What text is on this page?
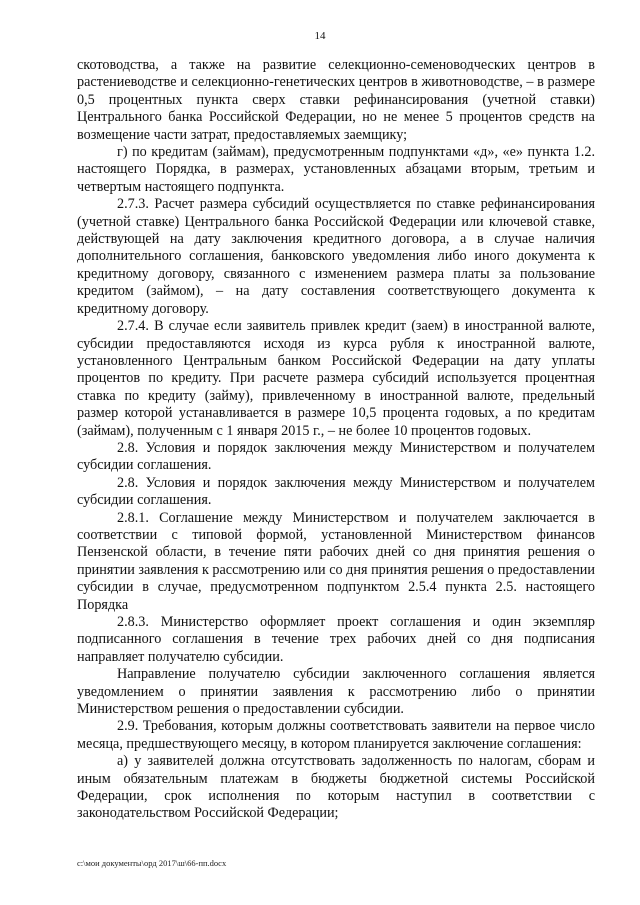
14

скотоводства, а также на развитие селекционно-семеноводческих центров в растениеводстве и селекционно-генетических центров в животноводстве, – в размере 0,5 процентных пункта сверх ставки рефинансирования (учетной ставки) Центрального банка Российской Федерации, но не менее 5 процентов средств на возмещение части затрат, предоставляемых заемщику;

г) по кредитам (займам), предусмотренным подпунктами «д», «е» пункта 1.2. настоящего Порядка, в размерах, установленных абзацами вторым, третьим и четвертым настоящего подпункта.

2.7.3. Расчет размера субсидий осуществляется по ставке рефинансирования (учетной ставке) Центрального банка Российской Федерации или ключевой ставке, действующей на дату заключения кредитного договора, а в случае наличия дополнительного соглашения, банковского уведомления либо иного документа к кредитному договору, связанного с изменением размера платы за пользование кредитом (займом), – на дату составления соответствующего документа к кредитному договору.

2.7.4. В случае если заявитель привлек кредит (заем) в иностранной валюте, субсидии предоставляются исходя из курса рубля к иностранной валюте, установленного Центральным банком Российской Федерации на дату уплаты процентов по кредиту. При расчете размера субсидий используется процентная ставка по кредиту (займу), привлеченному в иностранной валюте, предельный размер которой устанавливается в размере 10,5 процента годовых, а по кредитам (займам), полученным с 1 января 2015 г., – не более 10 процентов годовых.

2.8. Условия и порядок заключения между Министерством и получателем субсидии соглашения.

2.8. Условия и порядок заключения между Министерством и получателем субсидии соглашения.

2.8.1. Соглашение между Министерством и получателем заключается в соответствии с типовой формой, установленной Министерством финансов Пензенской области, в течение пяти рабочих дней со дня принятия решения о принятии заявления к рассмотрению или со дня принятия решения о предоставлении субсидии в случае, предусмотренном подпунктом 2.5.4 пункта 2.5. настоящего Порядка

2.8.3. Министерство оформляет проект соглашения и один экземпляр подписанного соглашения в течение трех рабочих дней со дня подписания направляет получателю субсидии.

Направление получателю субсидии заключенного соглашения является уведомлением о принятии заявления к рассмотрению либо о принятии Министерством решения о предоставлении субсидии.

2.9. Требования, которым должны соответствовать заявители на первое число месяца, предшествующего месяцу, в котором планируется заключение соглашения:

а) у заявителей должна отсутствовать задолженность по налогам, сборам и иным обязательным платежам в бюджеты бюджетной системы Российской Федерации, срок исполнения по которым наступил в соответствии с законодательством Российской Федерации;

c:\мои документы\орд 2017\ш\66-пп.docx
